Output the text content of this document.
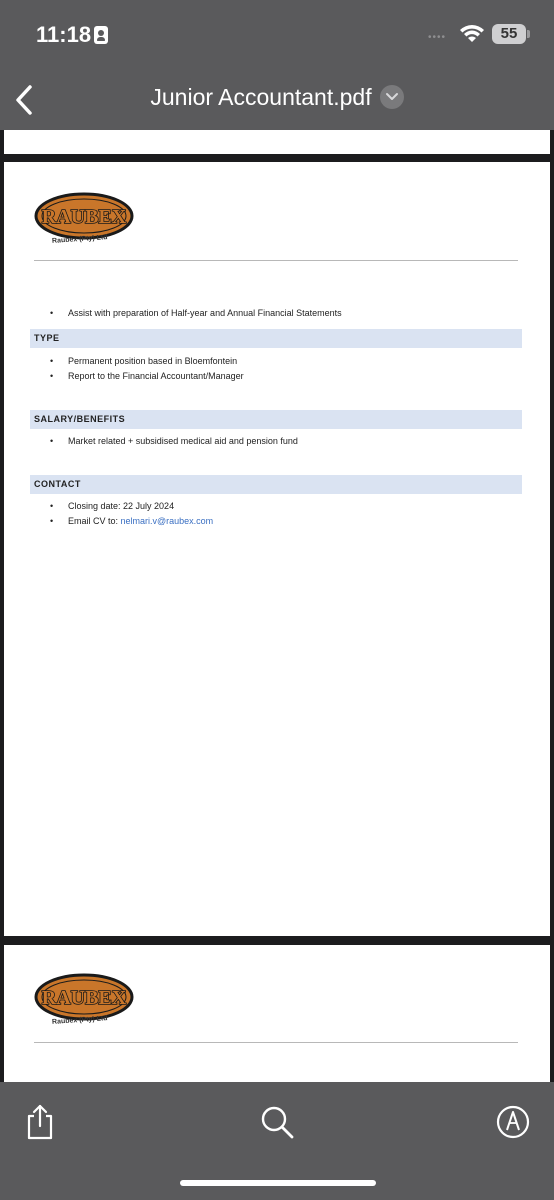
11:18	••••	55
Junior Accountant.pdf
RAUBEX
Raubex (Pty) Ltd
• Assist with preparation of Half-year and Annual Financial Statements
TYPE
• Permanent position based in Bloemfontein
• Report to the Financial Accountant/Manager
SALARY/BENEFITS
• Market related + subsidised medical aid and pension fund
CONTACT
• Closing date: 22 July 2024
• Email CV to: nelmari.v@raubex.com
RAUBEX
Raubex (Pty) Ltd
